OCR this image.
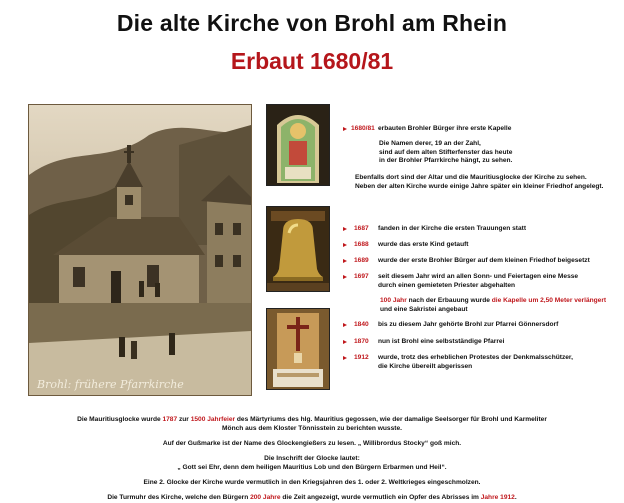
Die alte Kirche von Brohl am Rhein
Erbaut 1680/81
Brohl: frühere Pfarrkirche
1680/81 erbauten Brohler Bürger ihre erste Kapelle
Die Namen derer, 19 an der Zahl,
sind auf dem alten Stifterfenster das heute
in der Brohler Pfarrkirche hängt, zu sehen.
Ebenfalls dort sind der Altar und die Mauritiusglocke der Kirche zu sehen.
Neben der alten Kirche wurde einige Jahre später ein kleiner Friedhof angelegt.
1687 fanden in der Kirche die ersten Trauungen statt
1688 wurde das erste Kind getauft
1689 wurde der erste Brohler Bürger auf dem kleinen Friedhof beigesetzt
1697 seit diesem Jahr wird an allen Sonn- und Feiertagen eine Messe
durch einen gemieteten Priester abgehalten
100 Jahr nach der Erbauung wurde die Kapelle um 2,50 Meter verlängert
und eine Sakristei angebaut
1840 bis zu diesem Jahr gehörte Brohl zur Pfarrei Gönnersdorf
1870 nun ist Brohl eine selbstständige Pfarrei
1912 wurde, trotz des erheblichen Protestes der Denkmalsschützer,
die Kirche übereilt abgerissen
Die Mauritiusglocke wurde 1787 zur 1500 Jahrfeier des Märtyriums des hlg. Mauritius gegossen, wie der damalige Seelsorger für Brohl und Karmeliter
Mönch aus dem Kloster Tönnisstein zu berichten wusste.
Auf der Gußmarke ist der Name des Glockengießers zu lesen. „ Willibrordus Stocky“ goß mich.
Die Inschrift der Glocke lautet:
„ Gott sei Ehr, denn dem heiligen Mauritius Lob und den Bürgern Erbarmen und Heil“.
Eine 2. Glocke der Kirche wurde vermutlich in den Kriegsjahren des 1. oder 2. Weltkrieges eingeschmolzen.
Die Turmuhr des Kirche, welche den Bürgern 200 Jahre die Zeit angezeigt, wurde vermutlich ein Opfer des Abrisses im Jahre 1912.
